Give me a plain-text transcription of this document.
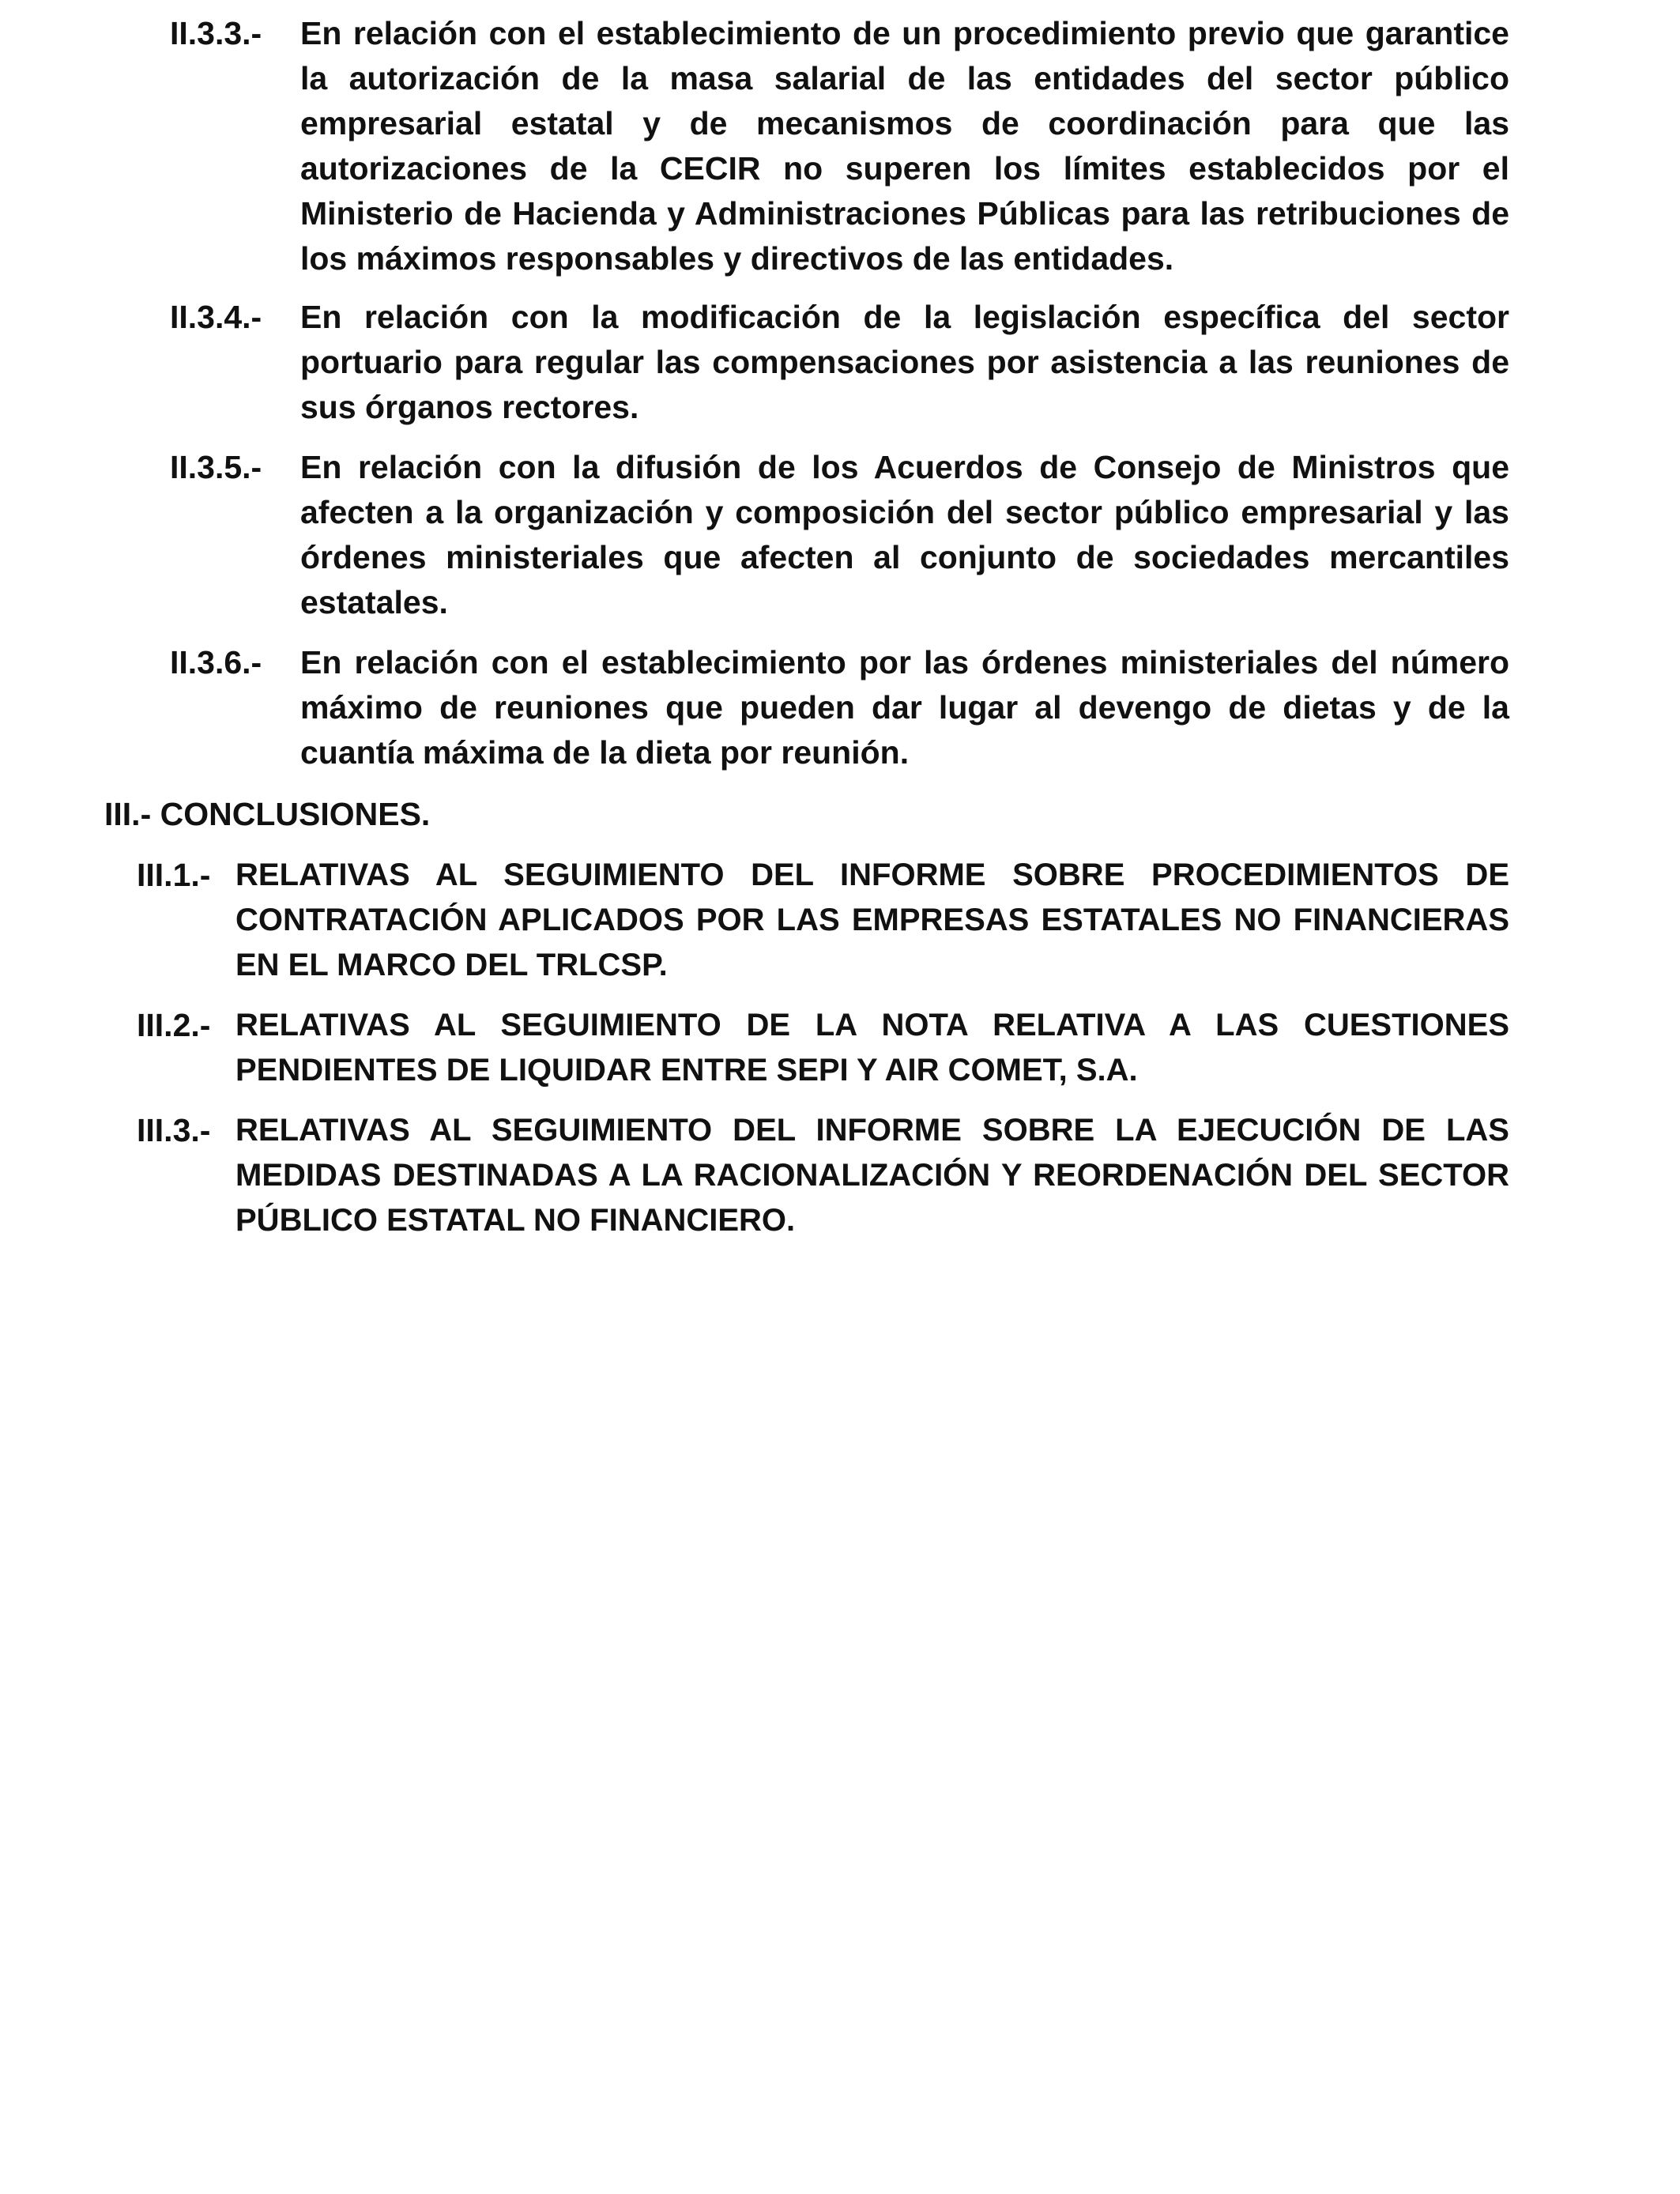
II.3.3.-	En relación con el establecimiento de un procedimiento previo que garantice la autorización de la masa salarial de las entidades del sector público empresarial estatal y de mecanismos de coordinación para que las autorizaciones de la CECIR no superen los límites establecidos por el Ministerio de Hacienda y Administraciones Públicas para las retribuciones de los máximos responsables y directivos de las entidades.
II.3.4.-	En relación con la modificación de la legislación específica del sector portuario para regular las compensaciones por asistencia a las reuniones de sus órganos rectores.
II.3.5.-	En relación con la difusión de los Acuerdos de Consejo de Ministros que afecten a la organización y composición del sector público empresarial y las órdenes ministeriales que afecten al conjunto de sociedades mercantiles estatales.
II.3.6.-	En relación con el establecimiento por las órdenes ministeriales del número máximo de reuniones que pueden dar lugar al devengo de dietas y de la cuantía máxima de la dieta por reunión.
III.- CONCLUSIONES.
III.1.- RELATIVAS AL SEGUIMIENTO DEL INFORME SOBRE PROCEDIMIENTOS DE CONTRATACIÓN APLICADOS POR LAS EMPRESAS ESTATALES NO FINANCIERAS EN EL MARCO DEL TRLCSP.
III.2.- RELATIVAS AL SEGUIMIENTO DE LA NOTA RELATIVA A LAS CUESTIONES PENDIENTES DE LIQUIDAR ENTRE SEPI Y AIR COMET, S.A.
III.3.- RELATIVAS AL SEGUIMIENTO DEL INFORME SOBRE LA EJECUCIÓN DE LAS MEDIDAS DESTINADAS A LA RACIONALIZACIÓN Y REORDENACIÓN DEL SECTOR PÚBLICO ESTATAL NO FINANCIERO.
